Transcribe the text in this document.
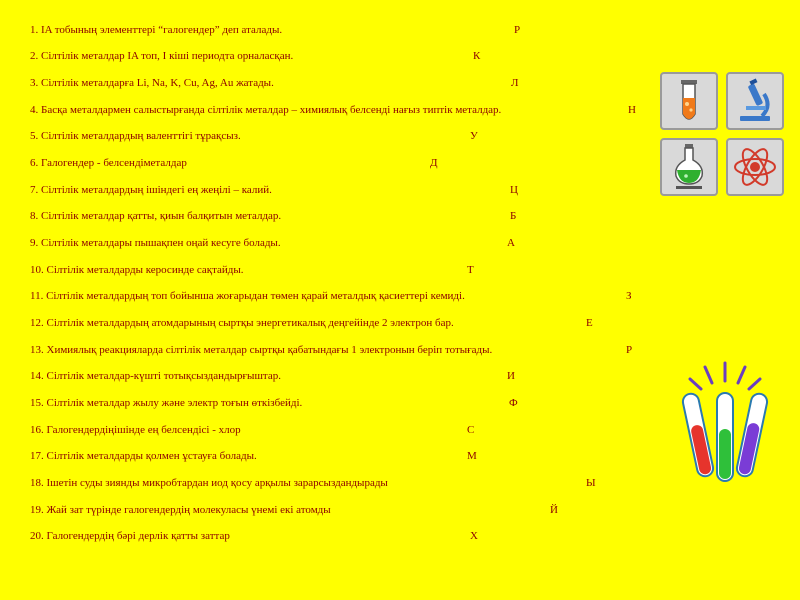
1. IA тобының элементтері “галогендер” деп аталады.	Р
2. Сілтілік металдар IA топ, I кіші периодта орналасқан.	К
3. Сілтілік металдарға Li, Na, K, Cu, Ag, Au жатады.	Л
4. Басқа металдармен салыстырғанда сілтілік металдар – химиялық белсенді нағыз типтік металдар.	Н
5. Сілтілік металдардың валенттігі тұрақсыз.	У
6. Галогендер - белсендіметалдар	Д
7. Сілтілік металдардың ішіндегі ең жеңілі – калий.	Ц
8. Сілтілік металдар қатты, қиын балқитын металдар.	Б
9. Сілтілік металдары пышақпен оңай кесуге болады.	А
10. Сілтілік металдарды керосинде сақтайды.	Т
11. Сілтілік металдардың топ бойынша жоғарыдан төмен қарай металдық қасиеттері кемиді.	З
12. Сілтілік металдардың атомдарының сыртқы энергетикалық деңгейінде 2 электрон бар.	Е
13. Химиялық реакцияларда сілтілік металдар сыртқы қабатындағы 1 электронын беріп тотығады.	Р
14. Сілтілік металдар-күшті тотықсыздандырғыштар.	И
15. Сілтілік металдар жылу және электр тоғын өткізбейді.	Ф
16. Галогендердіңішінде ең белсендісі - хлор	С
17. Сілтілік металдарды қолмен ұстауға болады.	М
18. Ішетін суды зиянды микробтардан иод қосу арқылы зарарсыздандырады	Ы
19. Жай зат түрінде галогендердің молекуласы үнемі екі атомды	Й
20. Галогендердің бәрі дерлік қатты заттар	Х
